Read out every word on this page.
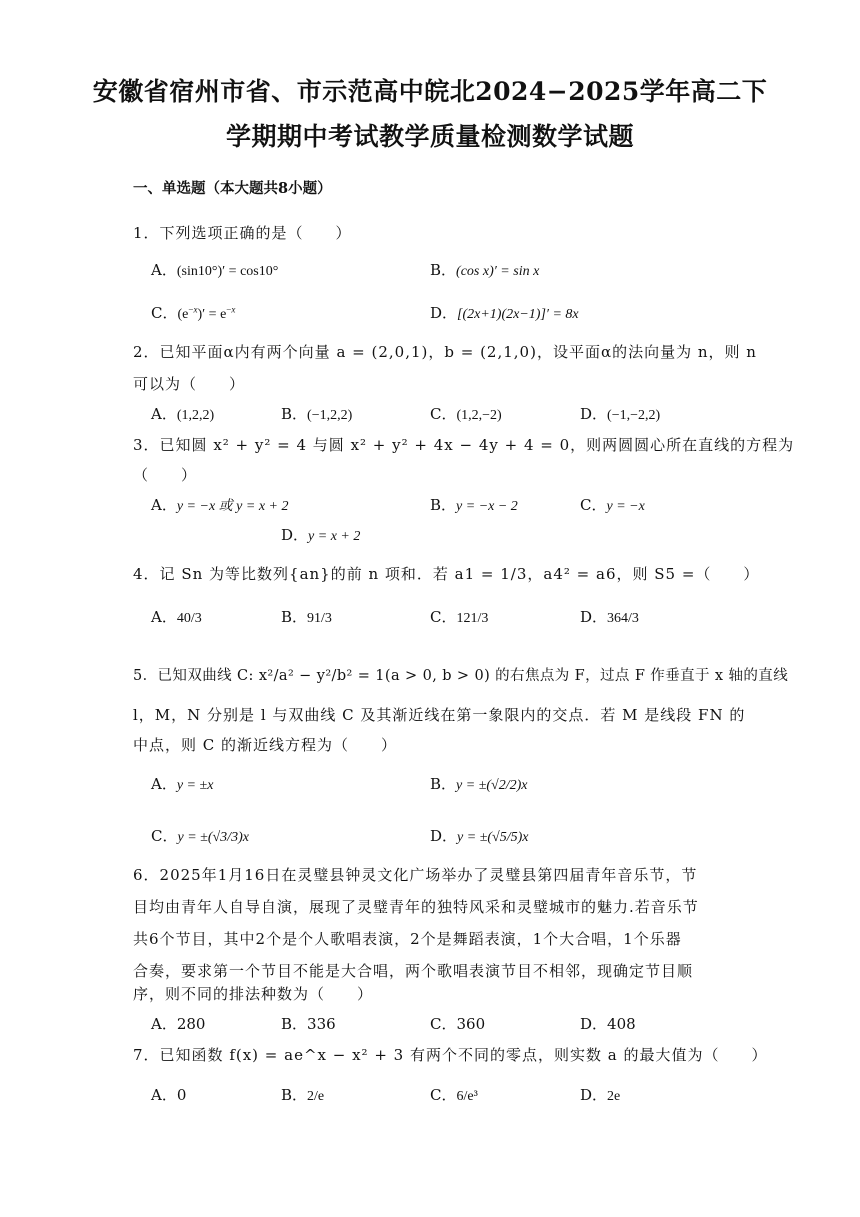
安徽省宿州市省、市示范高中皖北2024−2025学年高二下
学期期中考试教学质量检测数学试题
一、单选题（本大题共8小题）
1．下列选项正确的是（　　）
A．(sin10°)′ = cos10°	B．(cos x)′ = sin x
C．$(e^{-x})' = e^{-x}$	D．[(2x+1)(2x−1)]′ = 8x
2．已知平面α内有两个向量 a = (2,0,1)，b = (2,1,0)，设平面α的法向量为 n，则 n
可以为（　　）
A．(1,2,2)	B．(−1,2,2)	C．(1,2,−2)	D．(−1,−2,2)
3．已知圆 x² + y² = 4 与圆 x² + y² + 4x − 4y + 4 = 0，则两圆圆心所在直线的方程为
（　　）
A．y = −x 或 y = x + 2	B．y = −x − 2	C．y = −x
D．y = x + 2
4．记 Sn 为等比数列{an}的前 n 项和．若 a1 = 1/3，a4² = a6，则 S5 =（　　）
A．40/3	B．91/3	C．121/3	D．364/3
5．已知双曲线 C: x²/a² − y²/b² = 1(a > 0, b > 0) 的右焦点为 F，过点 F 作垂直于 x 轴的直线
l，M，N 分别是 l 与双曲线 C 及其渐近线在第一象限内的交点．若 M 是线段 FN 的
中点，则 C 的渐近线方程为（　　）
A．y = ±x	B．y = ±(√2/2)x
C．y = ±(√3/3)x	D．y = ±(√5/5)x
6．2025年1月16日在灵璧县钟灵文化广场举办了灵璧县第四届青年音乐节，节
目均由青年人自导自演，展现了灵璧青年的独特风采和灵璧城市的魅力.若音乐节
共6个节目，其中2个是个人歌唱表演，2个是舞蹈表演，1个大合唱，1个乐器
合奏，要求第一个节目不能是大合唱，两个歌唱表演节目不相邻，现确定节目顺
序，则不同的排法种数为（　　）
A．280	B．336	C．360	D．408
7．已知函数 f(x) = ae^x − x² + 3 有两个不同的零点，则实数 a 的最大值为（　　）
A．0	B．2/e	C．6/e³	D．2e
